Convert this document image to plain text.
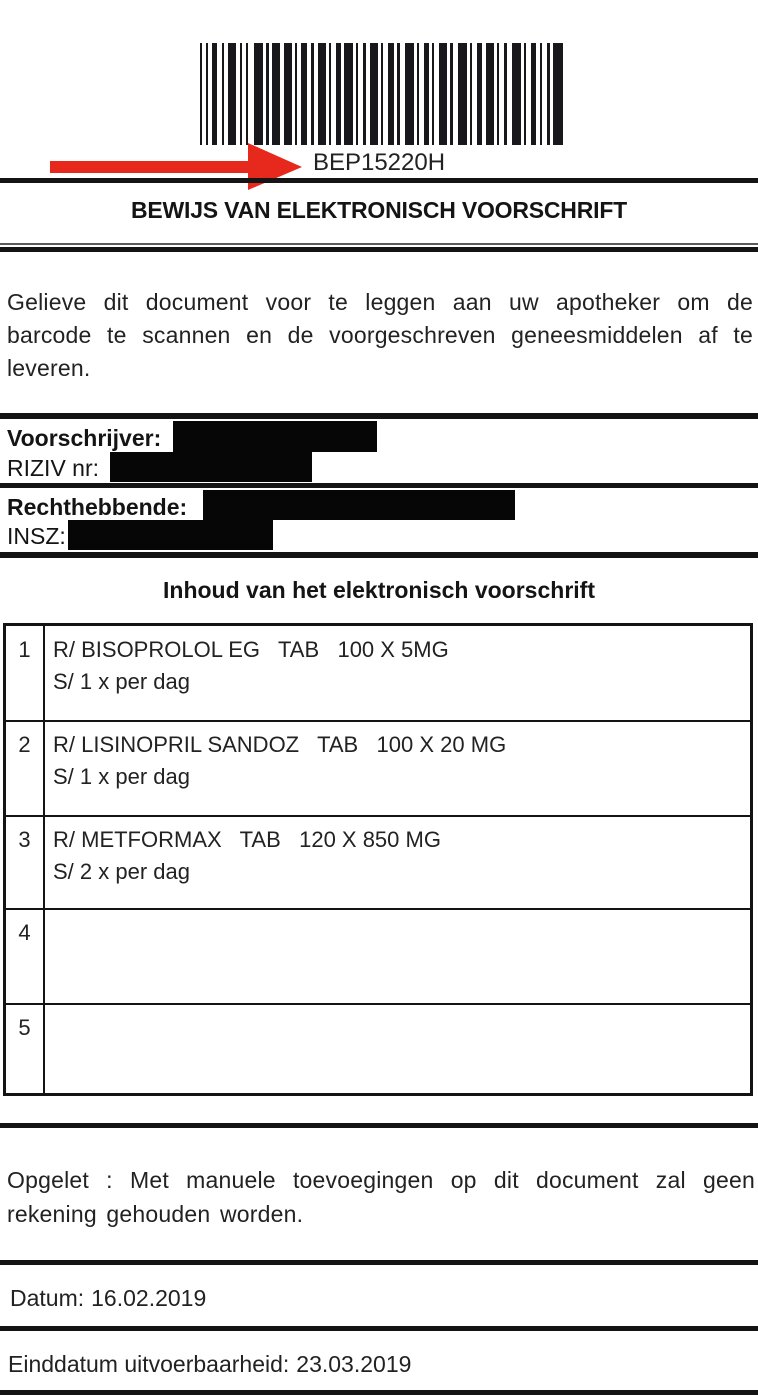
BEP15220H
BEWIJS VAN ELEKTRONISCH VOORSCHRIFT

Gelieve dit document voor te leggen aan uw apotheker om de barcode te scannen en de voorgeschreven geneesmiddelen af te leveren.

Voorschrijver:
RIZIV nr:
Rechthebbende:
INSZ:
Inhoud van het elektronisch voorschrift
1	R/ BISOPROLOL EG   TAB   100 X 5MG
S/ 1 x per dag
2	R/ LISINOPRIL SANDOZ   TAB   100 X 20 MG
S/ 1 x per dag
3	R/ METFORMAX   TAB   120 X 850 MG
S/ 2 x per dag
4
5

Opgelet : Met manuele toevoegingen op dit document zal geen rekening gehouden worden.

Datum: 16.02.2019
Einddatum uitvoerbaarheid: 23.03.2019
